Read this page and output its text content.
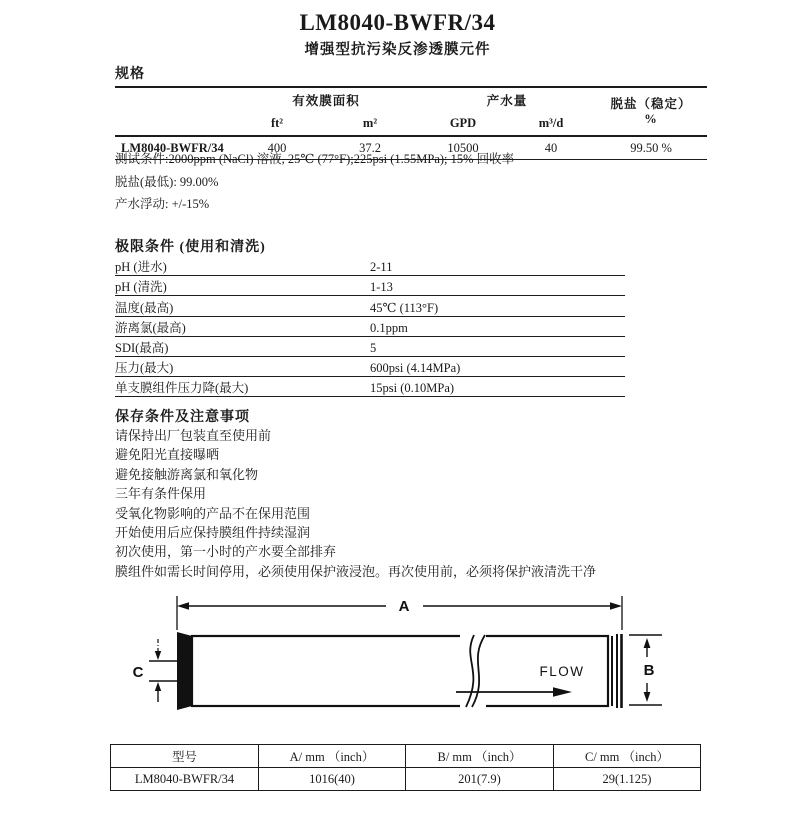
LM8040-BWFR/34
增强型抗污染反渗透膜元件
规格
	有效膜面积		产水量		脱盐（稳定）
%

	ft²	m²	GPD	m³/d	
LM8040-BWFR/34	400	37.2	10500	40	99.50 %

测试条件:2000ppm (NaCl) 溶液, 25℃ (77°F);225psi (1.55MPa); 15% 回收率

脱盐(最低): 99.00%

产水浮动: +/-15%

极限条件 (使用和清洗)
pH (进水)	2-11
pH (清洗)	1-13
温度(最高)	45℃ (113°F)
游离氯(最高)	0.1ppm
SDI(最高)	5
压力(最大)	600psi (4.14MPa)
单支膜组件压力降(最大)	15psi (0.10MPa)
保存条件及注意事项

请保持出厂包装直至使用前

避免阳光直接曝晒

避免接触游离氯和氧化物

三年有条件保用

受氧化物影响的产品不在保用范围

开始使用后应保持膜组件持续湿润

初次使用，第一小时的产水要全部排弃

膜组件如需长时间停用，必须使用保护液浸泡。再次使用前，必须将保护液清洗干净

A
FLOW	B
C
型号	A/ mm （inch）	B/ mm （inch）	C/ mm （inch）
LM8040-BWFR/34	1016(40)	201(7.9)	29(1.125)
